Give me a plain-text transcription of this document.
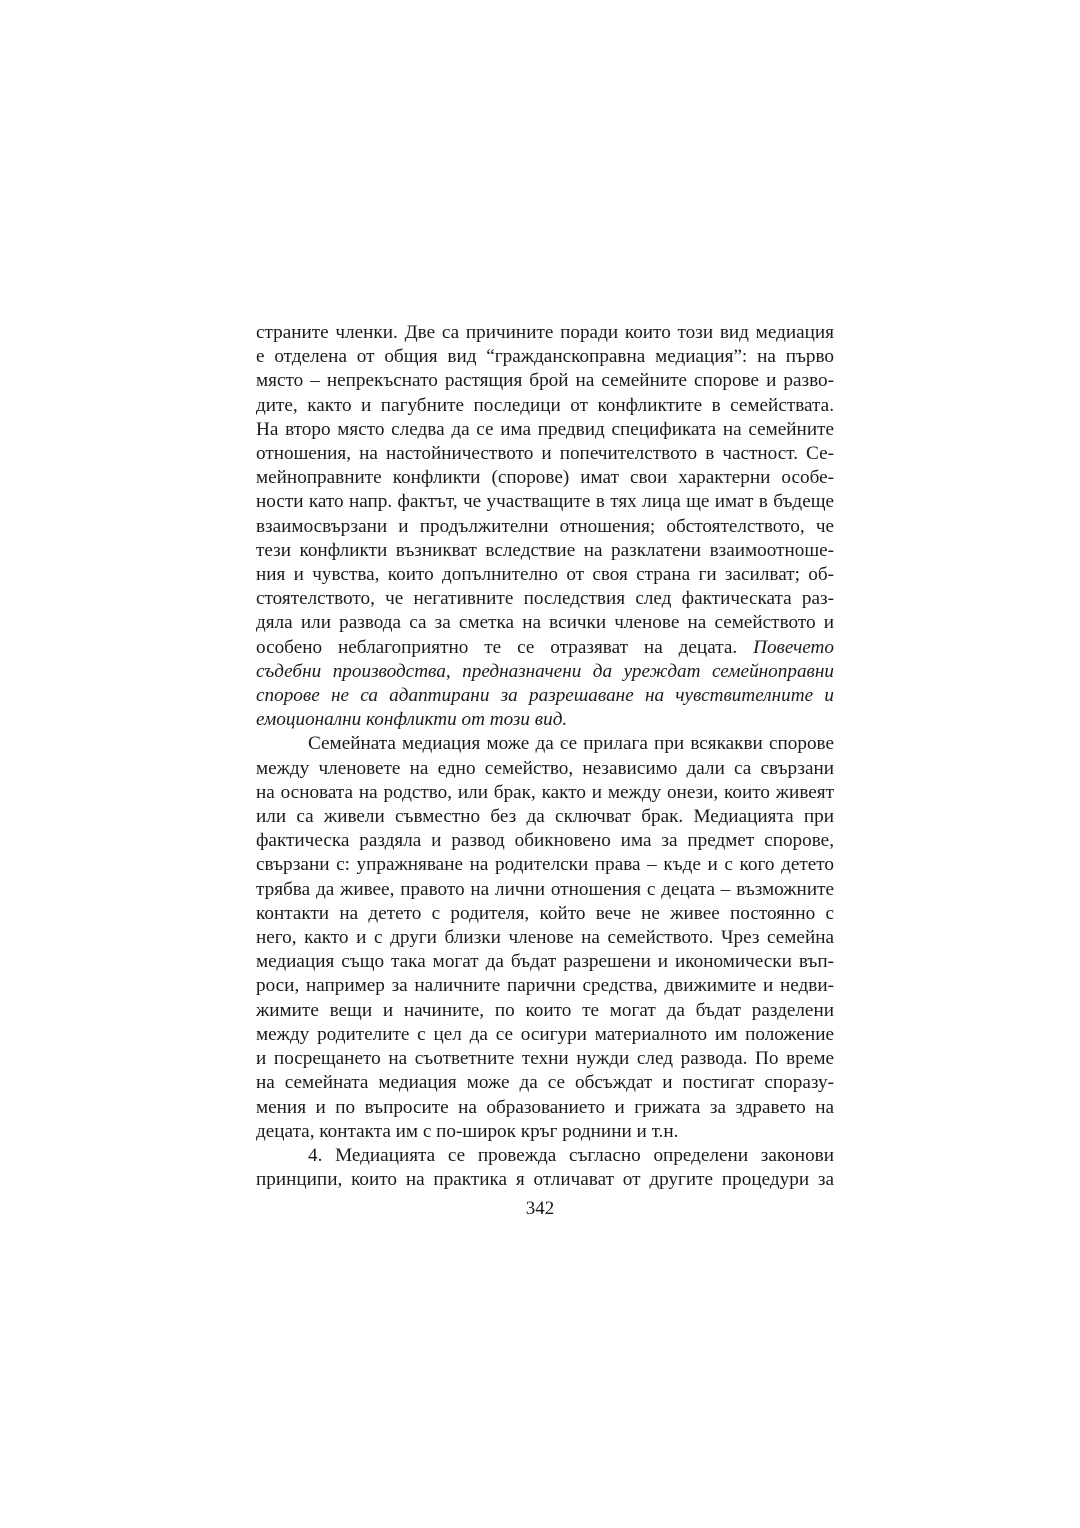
страните членки. Две са причините поради които този вид медиация
е отделена от общия вид “гражданскоправна медиация”: на първо
място – непрекъснато растящия брой на семейните спорове и разво-
дите, както и пагубните последици от конфликтите в семействата.
На второ място следва да се има предвид спецификата на семейните
отношения, на настойничеството и попечителството в частност. Се-
мейноправните конфликти (спорове) имат свои характерни особе-
ности като напр. фактът, че участващите в тях лица ще имат в бъдеще
взаимосвързани и продължителни отношения; обстоятелството, че
тези конфликти възникват вследствие на разклатени взаимоотноше-
ния и чувства, които допълнително от своя страна ги засилват; об-
стоятелството, че негативните последствия след фактическата раз-
дяла или развода са за сметка на всички членове на семейството и
особено неблагоприятно те се отразяват на децата. Повечето
съдебни производства, предназначени да уреждат семейноправни
спорове не са адаптирани за разрешаване на чувствителните и
емоционални конфликти от този вид.
Семейната медиация може да се прилага при всякакви спорове
между членовете на едно семейство, независимо дали са свързани
на основата на родство, или брак, както и между онези, които живеят
или са живели съвместно без да сключват брак. Медиацията при
фактическа раздяла и развод обикновено има за предмет спорове,
свързани с: упражняване на родителски права – къде и с кого детето
трябва да живее, правото на лични отношения с децата – възможните
контакти на детето с родителя, който вече не живее постоянно с
него, както и с други близки членове на семейството. Чрез семейна
медиация също така могат да бъдат разрешени и икономически въп-
роси, например за наличните парични средства, движимите и недви-
жимите вещи и начините, по които те могат да бъдат разделени
между родителите с цел да се осигури материалното им положение
и посрещането на съответните техни нужди след развода. По време
на семейната медиация може да се обсъждат и постигат споразу-
мения и по въпросите на образованието и грижата за здравето на
децата, контакта им с по-широк кръг роднини и т.н.
4. Медиацията се провежда съгласно определени законови
принципи, които на практика я отличават от другите процедури за
342
